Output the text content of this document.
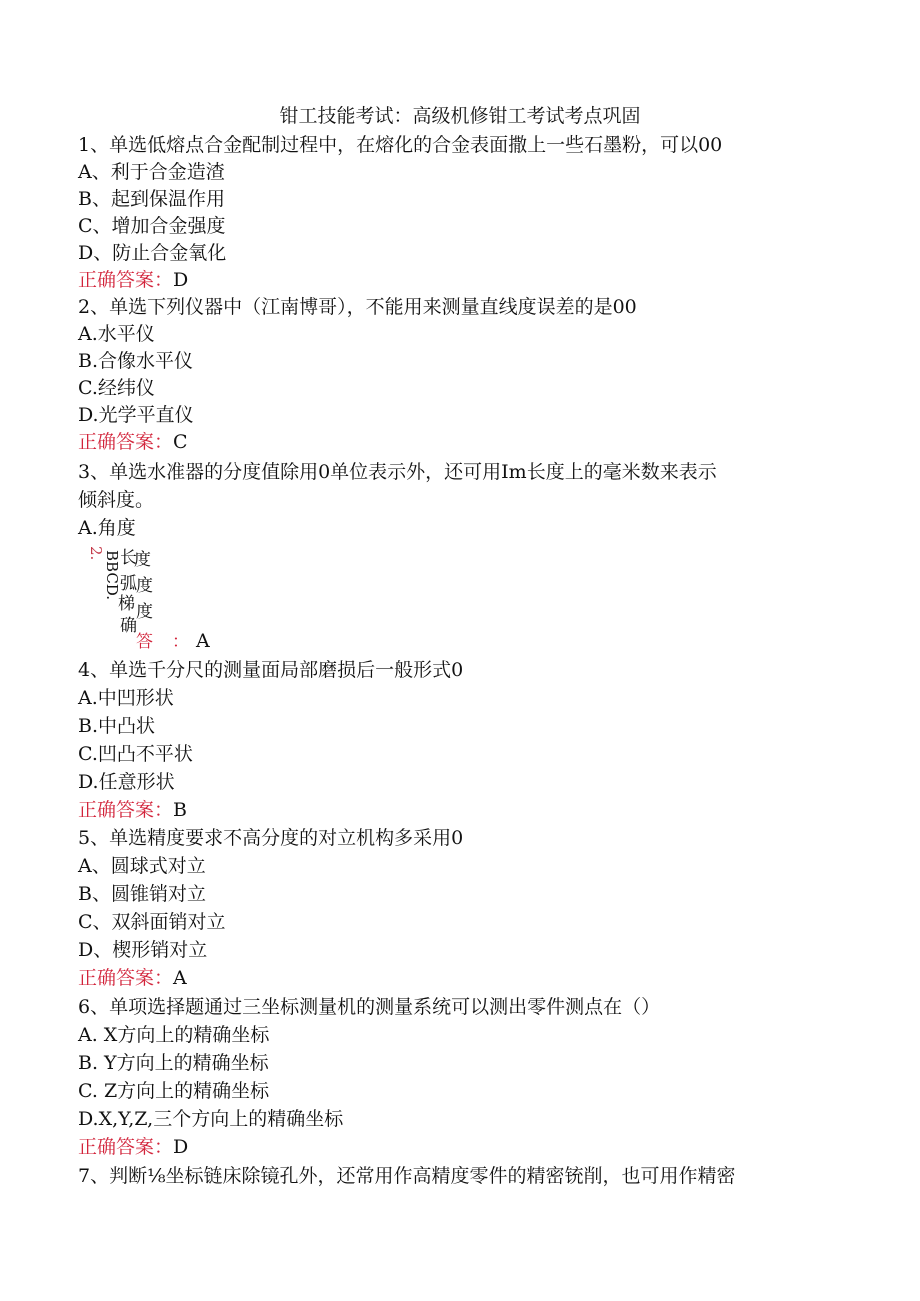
钳工技能考试：高级机修钳工考试考点巩固
1、单选低熔点合金配制过程中，在熔化的合金表面撒上一些石墨粉，可以00
A、利于合金造渣
B、起到保温作用
C、增加合金强度
D、防止合金氧化
正确答案：D
2、单选下列仪器中（江南博哥），不能用来测量直线度误差的是00
A.水平仪
B.合像水平仪
C.经纬仪
D.光学平直仪
正确答案：C
3、单选水准器的分度值除用0单位表示外，还可用Im长度上的毫米数来表示
倾斜度。
A.角度
2.
BBCD. 长
度
弧 度
梯 度
确
答 ： A
4、单选千分尺的测量面局部磨损后一般形式0
A.中凹形状
B.中凸状
C.凹凸不平状
D.任意形状
正确答案：B
5、单选精度要求不高分度的对立机构多采用0
A、圆球式对立
B、圆锥销对立
C、双斜面销对立
D、楔形销对立
正确答案：A
6、单项选择题通过三坐标测量机的测量系统可以测出零件测点在（）
A. X方向上的精确坐标
B. Y方向上的精确坐标
C. Z方向上的精确坐标
D.X,Y,Z,三个方向上的精确坐标
正确答案：D
7、判断⅛坐标链床除镜孔外，还常用作高精度零件的精密铳削，也可用作精密
